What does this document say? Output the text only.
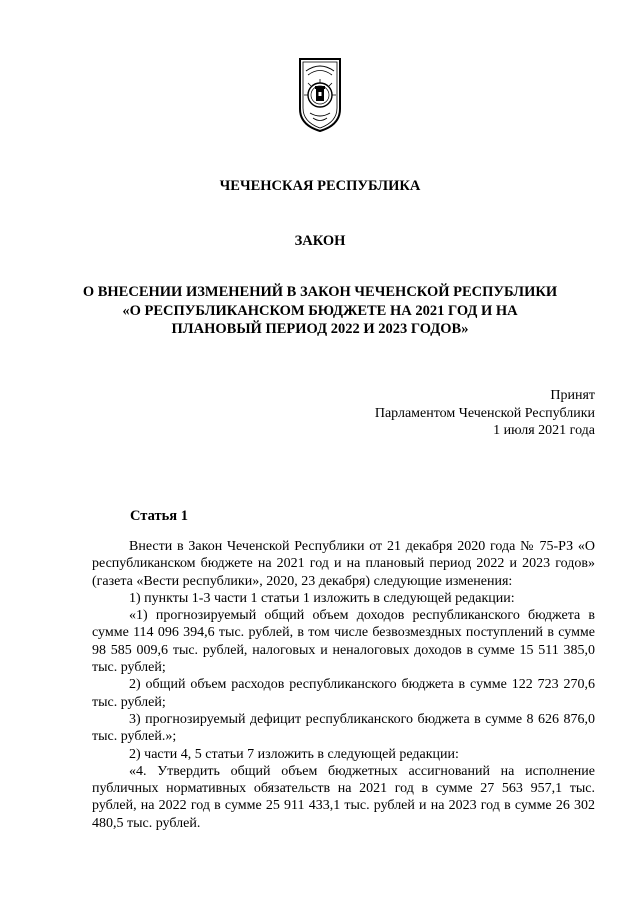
ЧЕЧЕНСКАЯ РЕСПУБЛИКА
ЗАКОН
О ВНЕСЕНИИ ИЗМЕНЕНИЙ В ЗАКОН ЧЕЧЕНСКОЙ РЕСПУБЛИКИ
«О РЕСПУБЛИКАНСКОМ БЮДЖЕТЕ НА 2021 ГОД И НА
ПЛАНОВЫЙ ПЕРИОД 2022 И 2023 ГОДОВ»
Принят
Парламентом Чеченской Республики
1 июля 2021 года
Статья 1

Внести в Закон Чеченской Республики от 21 декабря 2020 года № 75-РЗ «О республиканском бюджете на 2021 год и на плановый период 2022 и 2023 годов» (газета «Вести республики», 2020, 23 декабря) следующие изменения:

1) пункты 1-3 части 1 статьи 1 изложить в следующей редакции:

«1) прогнозируемый общий объем доходов республиканского бюджета в сумме 114 096 394,6 тыс. рублей, в том числе безвозмездных поступлений в сумме 98 585 009,6 тыс. рублей, налоговых и неналоговых доходов в сумме 15 511 385,0 тыс. рублей;

2) общий объем расходов республиканского бюджета в сумме 122 723 270,6 тыс. рублей;

3) прогнозируемый дефицит республиканского бюджета в сумме 8 626 876,0 тыс. рублей.»;

2) части 4, 5 статьи 7 изложить в следующей редакции:

«4. Утвердить общий объем бюджетных ассигнований на исполнение публичных нормативных обязательств на 2021 год в сумме 27 563 957,1 тыс. рублей, на 2022 год в сумме 25 911 433,1 тыс. рублей и на 2023 год в сумме 26 302 480,5 тыс. рублей.
